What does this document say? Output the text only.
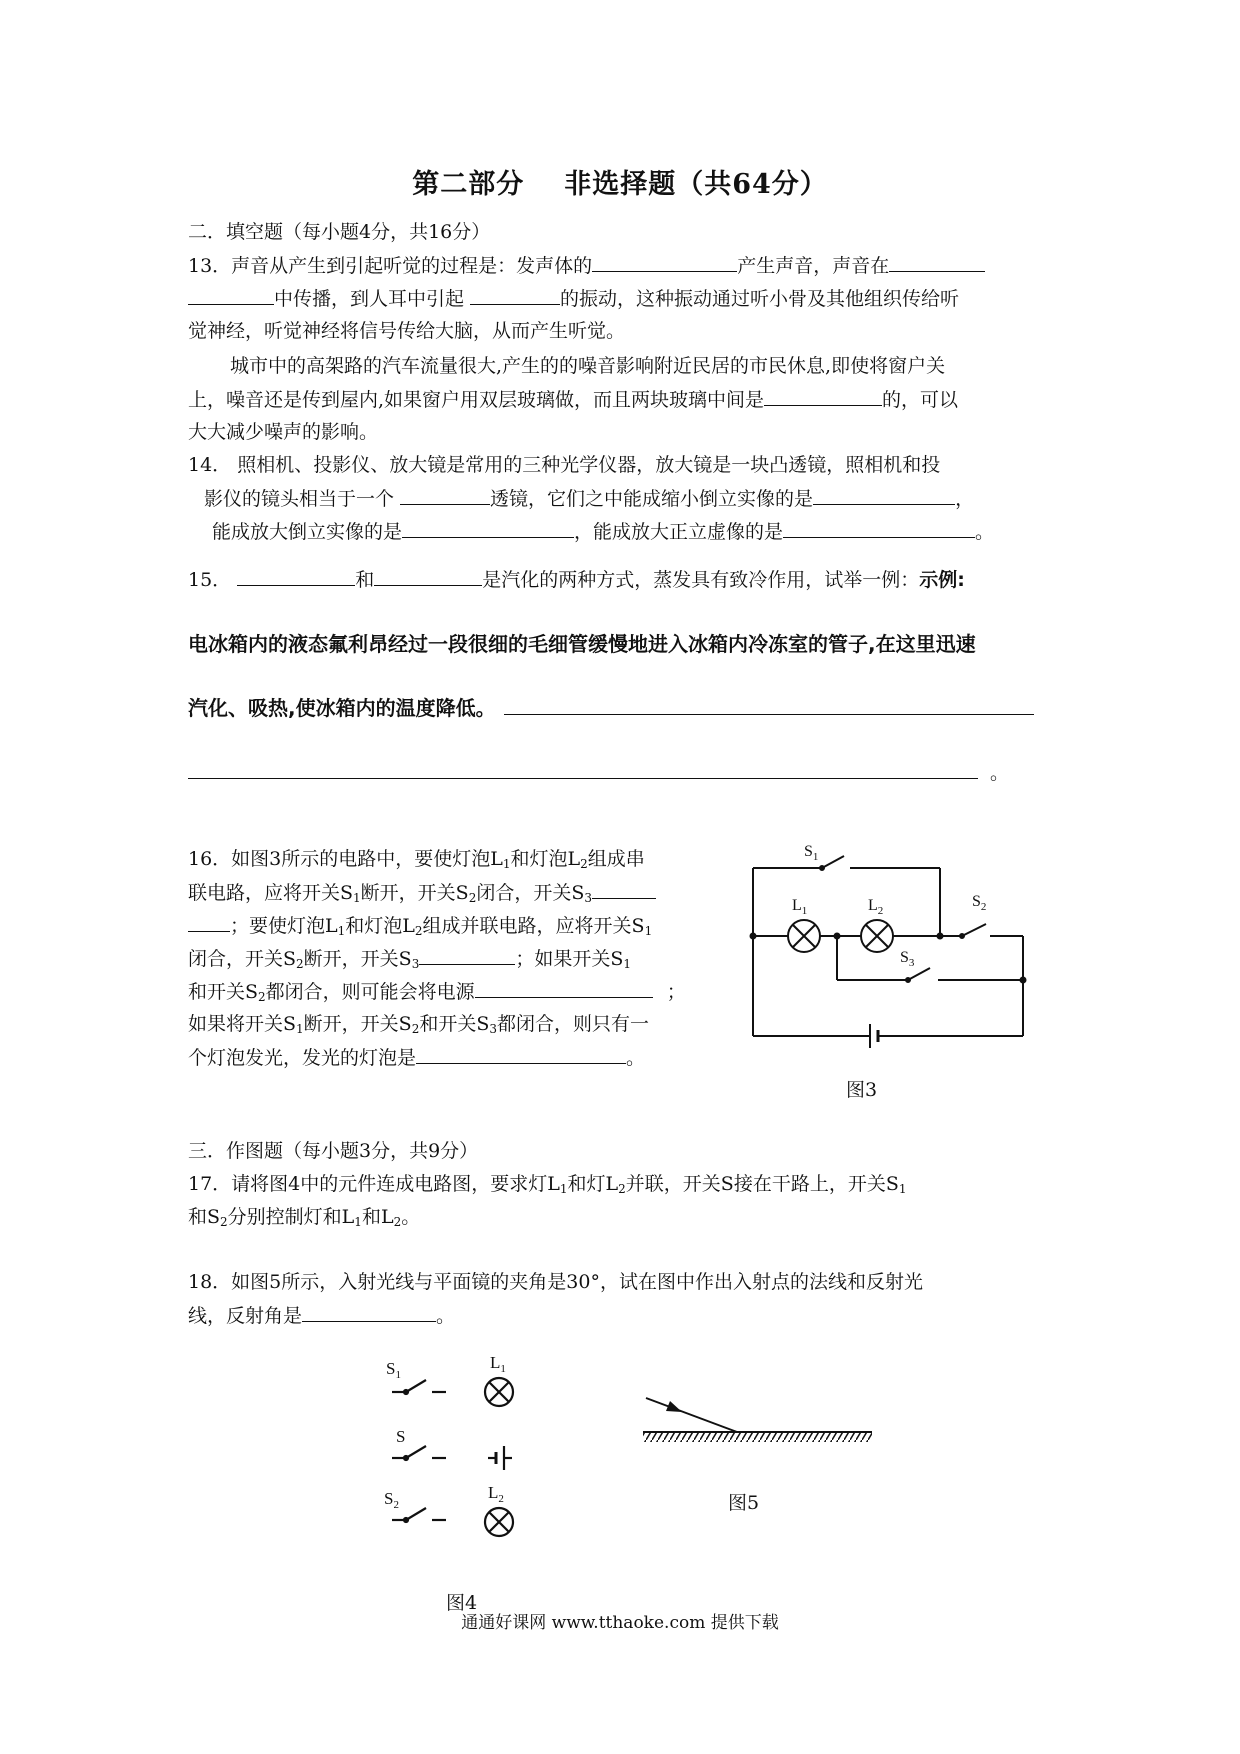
第二部分 非选择题（共64分）
二．填空题（每小题4分，共16分）
13．声音从产生到引起听觉的过程是：发声体的	产生声音，声音在
中传播，到人耳中引起	的振动，这种振动通过听小骨及其他组织传给听
觉神经，听觉神经将信号传给大脑，从而产生听觉。
城市中的高架路的汽车流量很大,产生的的噪音影响附近民居的市民休息,即使将窗户关
上，噪音还是传到屋内,如果窗户用双层玻璃做，而且两块玻璃中间是	的，可以
大大减少噪声的影响。
14． 照相机、投影仪、放大镜是常用的三种光学仪器，放大镜是一块凸透镜，照相机和投
影仪的镜头相当于一个	透镜，它们之中能成缩小倒立实像的是	，
能成放大倒立实像的是	，能成放大正立虚像的是	。
15．	和	是汽化的两种方式，蒸发具有致冷作用，试举一例：示例:
电冰箱内的液态氟利昂经过一段很细的毛细管缓慢地进入冰箱内冷冻室的管子,在这里迅速
汽化、吸热,使冰箱内的温度降低。
。
16．如图3所示的电路中，要使灯泡$L_1$和灯泡$L_2$组成串
联电路，应将开关$S_1$断开，开关$S_2$闭合，开关$S_3$
；要使灯泡$L_1$和灯泡$L_2$组成并联电路，应将开关$S_1$
闭合，开关$S_2$断开，开关$S_3$	；如果开关$S_1$
和开关$S_2$都闭合，则可能会将电源	；
如果将开关$S_1$断开，开关$S_2$和开关$S_3$都闭合，则只有一
个灯泡发光，发光的灯泡是	。
$S_1$
$L_1$	$L_2$
$S_2$
$S_3$
图3
三．作图题（每小题3分，共9分）
17．请将图4中的元件连成电路图，要求灯$L_1$和灯$L_2$并联，开关S接在干路上，开关$S_1$
和$S_2$分别控制灯和$L_1$和$L_2$。
18．如图5所示，入射光线与平面镜的夹角是30°，试在图中作出入射点的法线和反射光
线，反射角是	。
$S_1$
$L_1$
S
$S_2$
$L_2$
图4
图5
通通好课网 www.tthaoke.com 提供下载
